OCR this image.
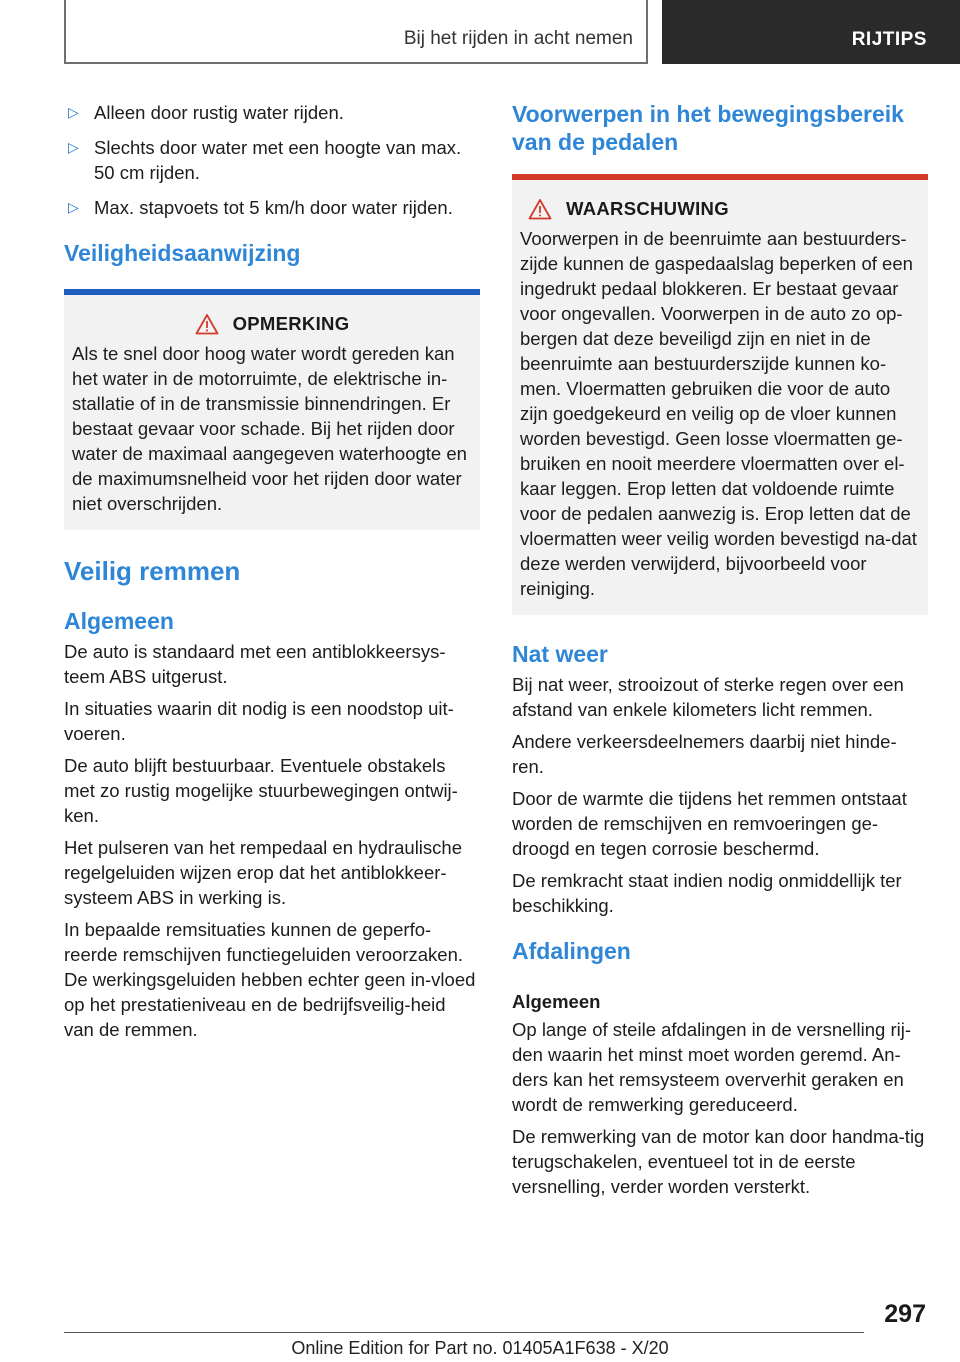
Bij het rijden in acht nemen	RIJTIPS
▷ Alleen door rustig water rijden.
▷ Slechts door water met een hoogte van max. 50 cm rijden.
▷ Max. stapvoets tot 5 km/h door water rijden.
Veiligheidsaanwijzing
OPMERKING

Als te snel door hoog water wordt gereden kan het water in de motorruimte, de elektrische in-stallatie of in de transmissie binnendringen. Er bestaat gevaar voor schade. Bij het rijden door water de maximaal aangegeven waterhoogte en de maximumsnelheid voor het rijden door water niet overschrijden.

Veilig remmen
Algemeen

De auto is standaard met een antiblokkeersys-teem ABS uitgerust.

In situaties waarin dit nodig is een noodstop uit-voeren.

De auto blijft bestuurbaar. Eventuele obstakels met zo rustig mogelijke stuurbewegingen ontwij-ken.

Het pulseren van het rempedaal en hydraulische regelgeluiden wijzen erop dat het antiblokkeer-systeem ABS in werking is.

In bepaalde remsituaties kunnen de geperfo-reerde remschijven functiegeluiden veroorzaken. De werkingsgeluiden hebben echter geen in-vloed op het prestatieniveau en de bedrijfsveilig-heid van de remmen.

Voorwerpen in het bewegingsbereik van de pedalen
WAARSCHUWING

Voorwerpen in de beenruimte aan bestuurders-zijde kunnen de gaspedaalslag beperken of een ingedrukt pedaal blokkeren. Er bestaat gevaar voor ongevallen. Voorwerpen in de auto zo op-bergen dat deze beveiligd zijn en niet in de beenruimte aan bestuurderszijde kunnen ko-men. Vloermatten gebruiken die voor de auto zijn goedgekeurd en veilig op de vloer kunnen worden bevestigd. Geen losse vloermatten ge-bruiken en nooit meerdere vloermatten over el-kaar leggen. Erop letten dat voldoende ruimte voor de pedalen aanwezig is. Erop letten dat de vloermatten weer veilig worden bevestigd na-dat deze werden verwijderd, bijvoorbeeld voor reiniging.

Nat weer

Bij nat weer, strooizout of sterke regen over een afstand van enkele kilometers licht remmen.

Andere verkeersdeelnemers daarbij niet hinde-ren.

Door de warmte die tijdens het remmen ontstaat worden de remschijven en remvoeringen ge-droogd en tegen corrosie beschermd.

De remkracht staat indien nodig onmiddellijk ter beschikking.

Afdalingen
Algemeen

Op lange of steile afdalingen in de versnelling rij-den waarin het minst moet worden geremd. An-ders kan het remsysteem oververhit geraken en wordt de remwerking gereduceerd.

De remwerking van de motor kan door handma-tig terugschakelen, eventueel tot in de eerste versnelling, verder worden versterkt.

297
Online Edition for Part no. 01405A1F638 - X/20
